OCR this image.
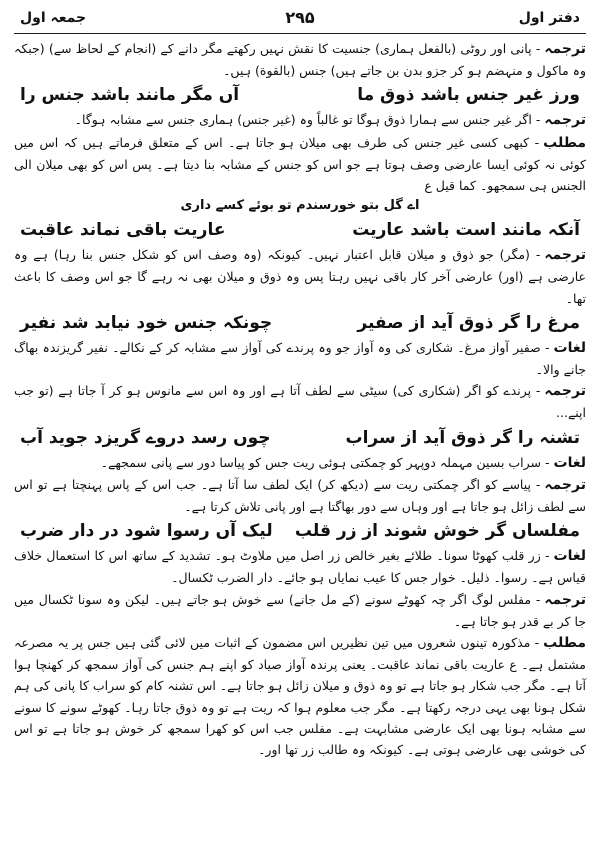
جمعہ اول	۲۹۵	دفتر اول

ترجمہ- پانی اور روٹی (بالفعل ہماری) جنسیت کا نقش نہیں رکھتے مگر دانے کے (انجام کے لحاظ سے) (جبکہ وہ ماکول و منہضم ہو کر جزو بدن بن جاتے ہیں) جنس (بالقوة) ہیں۔

ورز غیر جنس باشد ذوق ما
آں مگر مانند باشد جنس را

ترجمہ- اگر غیر جنس سے ہمارا ذوق ہوگا تو غالباً وہ (غیر جنس) ہماری جنس سے مشابہ ہوگا۔

مطلب- کبھی کسی غیر جنس کی طرف بھی میلان ہو جاتا ہے۔ اس کے متعلق فرماتے ہیں کہ اس میں کوئی نہ کوئی ایسا عارضی وصف ہوتا ہے جو اس کو جنس کے مشابہ بنا دیتا ہے۔ پس اس کو بھی میلان الی الجنس ہی سمجھو۔ کما قیل ع

اے گل بتو خورسندم تو بوئے کسے داری
آنکہ مانند است باشد عاریت
عاریت باقی نماند عاقبت

ترجمہ- (مگر) جو ذوق و میلان قابل اعتبار نہیں۔ کیونکہ (وہ وصف اس کو شکل جنس بنا رہا) ہے وہ عارضی ہے (اور) عارضی آخر کار باقی نہیں رہتا پس وہ ذوق و میلان بھی نہ رہے گا جو اس وصف کا باعث تھا۔

مرغ را گر ذوق آید از صفیر
چونکہ جنس خود نیابد شد نفیر

لغات- صفیر آواز مرغ۔ شکاری کی وہ آواز جو وہ پرندے کی آواز سے مشابہ کر کے نکالے۔ نفیر گریزندہ بھاگ جانے والا۔

ترجمہ- پرندے کو اگر (شکاری کی) سیٹی سے لطف آتا ہے اور وہ اس سے مانوس ہو کر آ جاتا ہے (تو جب اپنے...

تشنہ را گر ذوق آید از سراب
چوں رسد دروے گریزد جوید آب

لغات- سراب بسین مہملہ دوپہر کو چمکتی ہوئی ریت جس کو پیاسا دور سے پانی سمجھے۔

ترجمہ- پیاسے کو اگر چمکتی ریت سے (دیکھ کر) ایک لطف سا آتا ہے۔ جب اس کے پاس پہنچتا ہے تو اس سے لطف زائل ہو جاتا ہے اور وہاں سے دور بھاگتا ہے اور پانی تلاش کرتا ہے۔

مفلساں گر خوش شوند از زر قلب
لیک آں رسوا شود در دار ضرب

لغات- زر قلب کھوٹا سونا۔ طلائے بغیر خالص زر اصل میں ملاوٹ ہو۔ تشدید کے ساتھ اس کا استعمال خلاف قیاس ہے۔ رسوا۔ ذلیل۔ خوار جس کا عیب نمایاں ہو جائے۔ دار الضرب ٹکسال۔

ترجمہ- مفلس لوگ اگر چہ کھوٹے سونے (کے مل جانے) سے خوش ہو جاتے ہیں۔ لیکن وہ سونا ٹکسال میں جا کر بے قدر ہو جاتا ہے۔

مطلب- مذکورہ تینوں شعروں میں تین نظیریں اس مضمون کے اثبات میں لائی گئی ہیں جس پر یہ مصرعہ مشتمل ہے۔ ع عاریت باقی نماند عاقبت۔ یعنی پرندہ آواز صیاد کو اپنے ہم جنس کی آواز سمجھ کر کھنچا ہوا آتا ہے۔ مگر جب شکار ہو جاتا ہے تو وہ ذوق و میلان زائل ہو جاتا ہے۔ اس تشنہ کام کو سراب کا پانی کی ہم شکل ہونا بھی یہی درجہ رکھتا ہے۔ مگر جب معلوم ہوا کہ ریت ہے تو وہ ذوق جاتا رہا۔ کھوٹے سونے کا سونے سے مشابہ ہونا بھی ایک عارضی مشابہت ہے۔ مفلس جب اس کو کھرا سمجھ کر خوش ہو جاتا ہے تو اس کی خوشی بھی عارضی ہوتی ہے۔ کیونکہ وہ طالب زر تھا اور۔
